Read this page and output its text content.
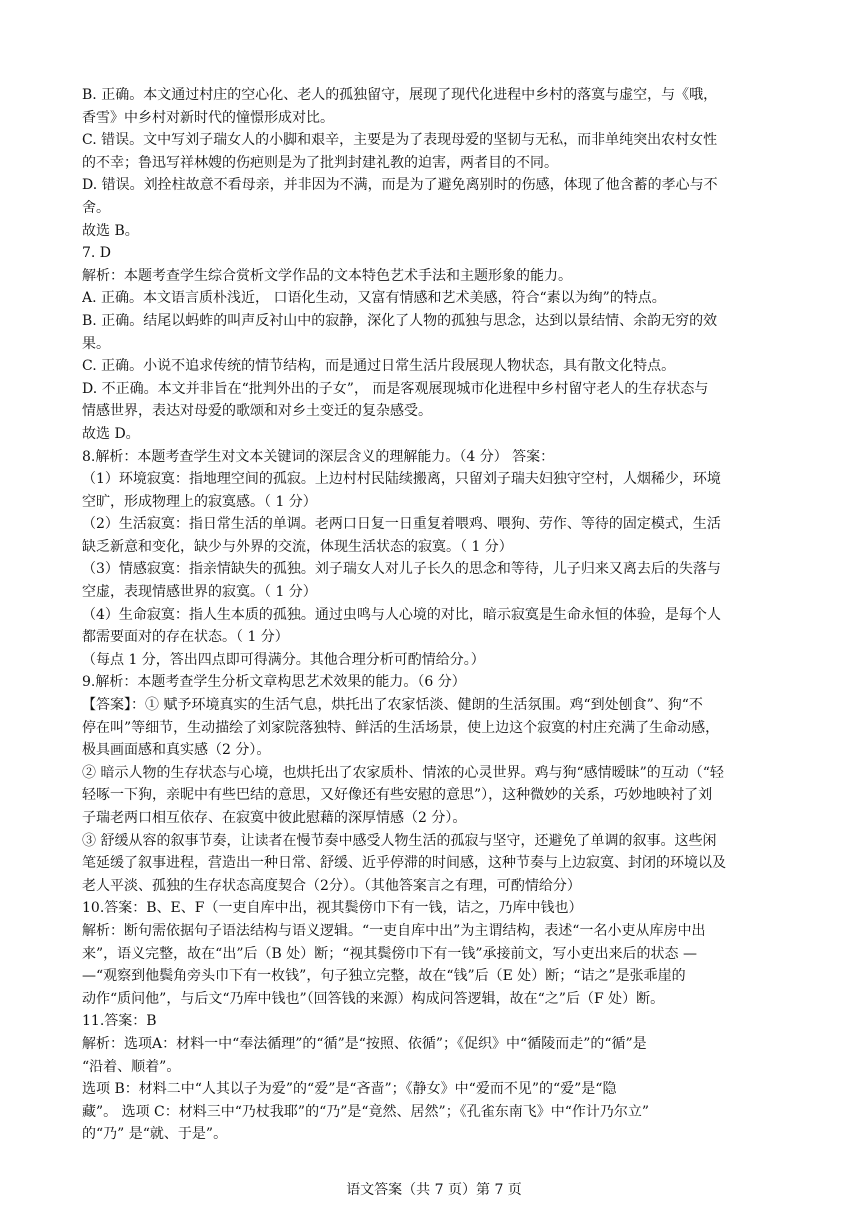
B. 正确。本文通过村庄的空心化、老人的孤独留守，展现了现代化进程中乡村的落寞与虚空，与《哦，
香雪》中乡村对新时代的憧憬形成对比。
C. 错误。文中写刘子瑞女人的小脚和艰辛，主要是为了表现母爱的坚韧与无私，而非单纯突出农村女性
的不幸；鲁迅写祥林嫂的伤疤则是为了批判封建礼教的迫害，两者目的不同。
D. 错误。刘拴柱故意不看母亲，并非因为不满，而是为了避免离别时的伤感，体现了他含蓄的孝心与不
舍。
故选 B。
7. D
解析：本题考查学生综合赏析文学作品的文本特色艺术手法和主题形象的能力。
A. 正确。本文语言质朴浅近， 口语化生动，又富有情感和艺术美感，符合“素以为绚”的特点。
B. 正确。结尾以蚂蚱的叫声反衬山中的寂静，深化了人物的孤独与思念，达到以景结情、余韵无穷的效
果。
C. 正确。小说不追求传统的情节结构，而是通过日常生活片段展现人物状态，具有散文化特点。
D. 不正确。本文并非旨在“批判外出的子女”， 而是客观展现城市化进程中乡村留守老人的生存状态与
情感世界，表达对母爱的歌颂和对乡土变迁的复杂感受。
故选 D。
8.解析：本题考查学生对文本关键词的深层含义的理解能力。（4 分） 答案：
（1）环境寂寞：指地理空间的孤寂。上边村村民陆续搬离，只留刘子瑞夫妇独守空村，人烟稀少，环境
空旷，形成物理上的寂寞感。（ 1 分）
（2）生活寂寞：指日常生活的单调。老两口日复一日重复着喂鸡、喂狗、劳作、等待的固定模式，生活
缺乏新意和变化，缺少与外界的交流，体现生活状态的寂寞。（ 1 分）
（3）情感寂寞：指亲情缺失的孤独。刘子瑞女人对儿子长久的思念和等待，儿子归来又离去后的失落与
空虚，表现情感世界的寂寞。（ 1 分）
（4）生命寂寞：指人生本质的孤独。通过虫鸣与人心境的对比，暗示寂寞是生命永恒的体验，是每个人
都需要面对的存在状态。（ 1 分）
（每点 1 分，答出四点即可得满分。其他合理分析可酌情给分。）
9.解析：本题考查学生分析文章构思艺术效果的能力。（6 分）
【答案】：① 赋予环境真实的生活气息，烘托出了农家恬淡、健朗的生活氛围。鸡“到处刨食”、狗“不
停在叫”等细节，生动描绘了刘家院落独特、鲜活的生活场景，使上边这个寂寞的村庄充满了生命动感，
极具画面感和真实感（2 分）。
② 暗示人物的生存状态与心境，也烘托出了农家质朴、情浓的心灵世界。鸡与狗“感情暧昧”的互动（“轻
轻啄一下狗，亲昵中有些巴结的意思，又好像还有些安慰的意思”），这种微妙的关系，巧妙地映衬了刘
子瑞老两口相互依存、在寂寞中彼此慰藉的深厚情感（2 分）。
③ 舒缓从容的叙事节奏，让读者在慢节奏中感受人物生活的孤寂与坚守，还避免了单调的叙事。这些闲
笔延缓了叙事进程，营造出一种日常、舒缓、近乎停滞的时间感，这种节奏与上边寂寞、封闭的环境以及
老人平淡、孤独的生存状态高度契合（2分）。（其他答案言之有理，可酌情给分）
10.答案：B、E、F（一吏自库中出，视其鬓傍巾下有一钱，诘之，乃库中钱也）
解析：断句需依据句子语法结构与语义逻辑。“一吏自库中出”为主谓结构，表述“一名小吏从库房中出
来”，语义完整，故在“出”后（B 处）断；“视其鬓傍巾下有一钱”承接前文，写小吏出来后的状态 —
—“观察到他鬓角旁头巾下有一枚钱”，句子独立完整，故在“钱”后（E 处）断；“诘之”是张乖崖的
动作“质问他”，与后文“乃库中钱也”（回答钱的来源）构成问答逻辑，故在“之”后（F 处）断。
11.答案：B
解析：选项A：材料一中“奉法循理”的“循”是“按照、依循”；《促织》中“循陵而走”的“循”是
“沿着、顺着”。
选项 B：材料二中“人其以子为爱”的“爱”是“吝啬”；《静女》中“爱而不见”的“爱”是“隐
藏”。 选项 C：材料三中“乃杖我耶”的“乃”是“竟然、居然”；《孔雀东南飞》中“作计乃尔立”
的“乃” 是“就、于是”。
语文答案（共 7 页）第 7 页
